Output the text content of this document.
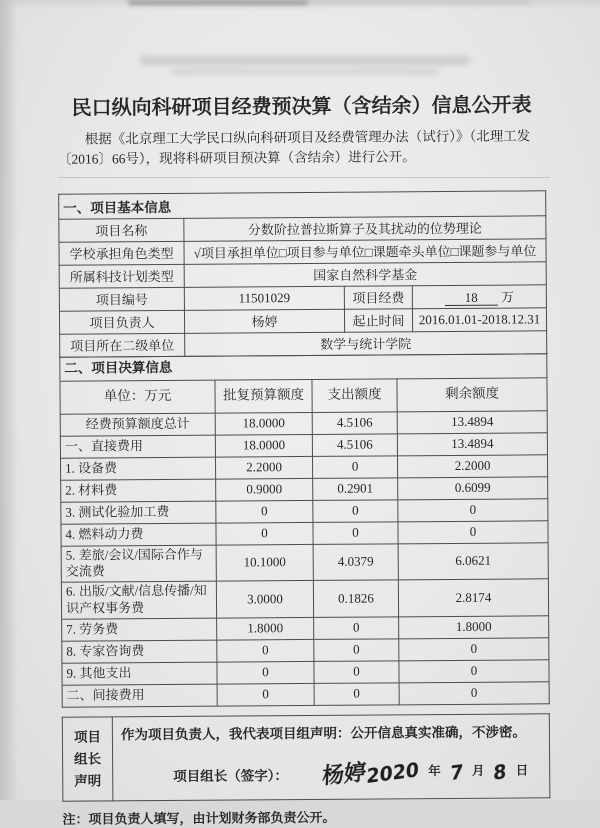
民口纵向科研项目经费预决算（含结余）信息公开表

根据《北京理工大学民口纵向科研项目及经费管理办法（试行）》（北理工发〔2016〕66号），现将科研项目预决算（含结余）进行公开。

一、项目基本信息			
项目名称	分数阶拉普拉斯算子及其扰动的位势理论		
学校承担角色类型	√项目承担单位□项目参与单位□课题牵头单位□课题参与单位		
所属科技计划类型	国家自然科学基金		
项目编号	11501029	项目经费	18 万
项目负责人	杨婷	起止时间	2016.01.01-2018.12.31
项目所在二级单位	数学与统计学院		
二、项目决算信息			
单位：万元	批复预算额度	支出额度	剩余额度
经费预算额度总计	18.0000	4.5106	13.4894
一、直接费用	18.0000	4.5106	13.4894
1. 设备费	2.2000	0	2.2000
2. 材料费	0.9000	0.2901	0.6099
3. 测试化验加工费	0	0	0
4. 燃料动力费	0	0	0
5. 差旅/会议/国际合作与交流费	10.1000	4.0379	6.0621
6. 出版/文献/信息传播/知识产权事务费	3.0000	0.1826	2.8174
7. 劳务费	1.8000	0	1.8000
8. 专家咨询费	0	0	0
9. 其他支出	0	0	0
二、间接费用	0	0	0
项目
组长
声明

作为项目负责人，我代表项目组声明：公开信息真实准确，不涉密。

项目组长（签字）： 杨婷 2020 年 7 月 8 日

注：项目负责人填写，由计划财务部负责公开。
